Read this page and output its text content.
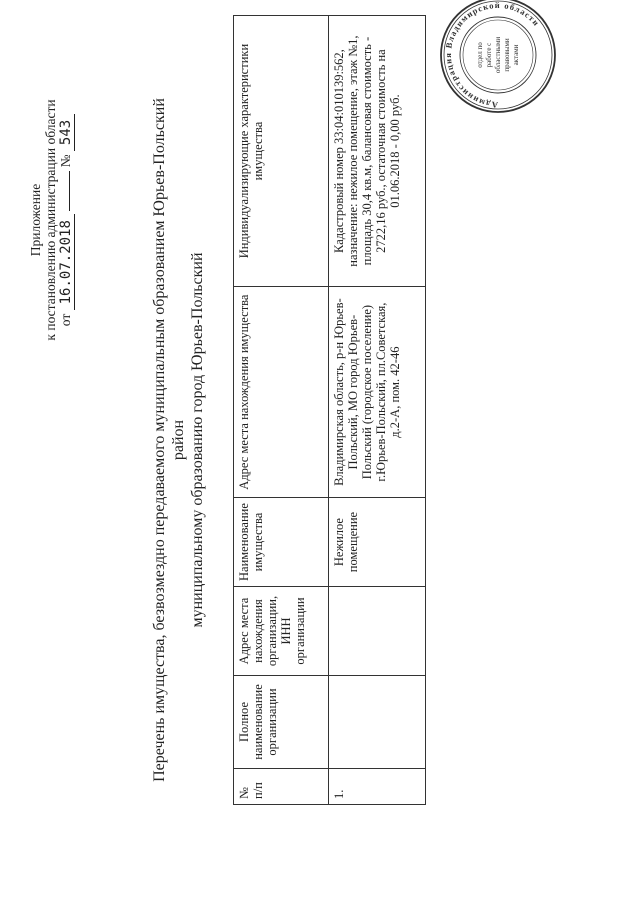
Приложение к постановлению администрации области от 16.07.2018  № 543	Перечень имущества, безвозмездно передаваемого муниципальным образованием Юрьев-Польский район муниципальному образованию город Юрьев-Польский
№ п/п	Полное наименование организации	Адрес места нахождения организации, ИНН организации	Наименование имущества	Адрес места нахождения имущества	Индивидуализирующие характеристики имущества
1.			Нежилое помещение	Владимирская область, р-н Юрьев-Польский, МО город Юрьев-Польский (городское поселение) г.Юрьев-Польский, пл.Советская, д.2-А, пом. 42-46	Кадастровый номер 33:04:010139:562, назначение: нежилое помещение, этаж №1, площадь 30,4 кв.м, балансовая стоимость - 2722,16 руб., остаточная стоимость на 01.06.2018 - 0,00 руб.	Администрация Владимирской области
отдел поработе собластнымиправовымиактами
